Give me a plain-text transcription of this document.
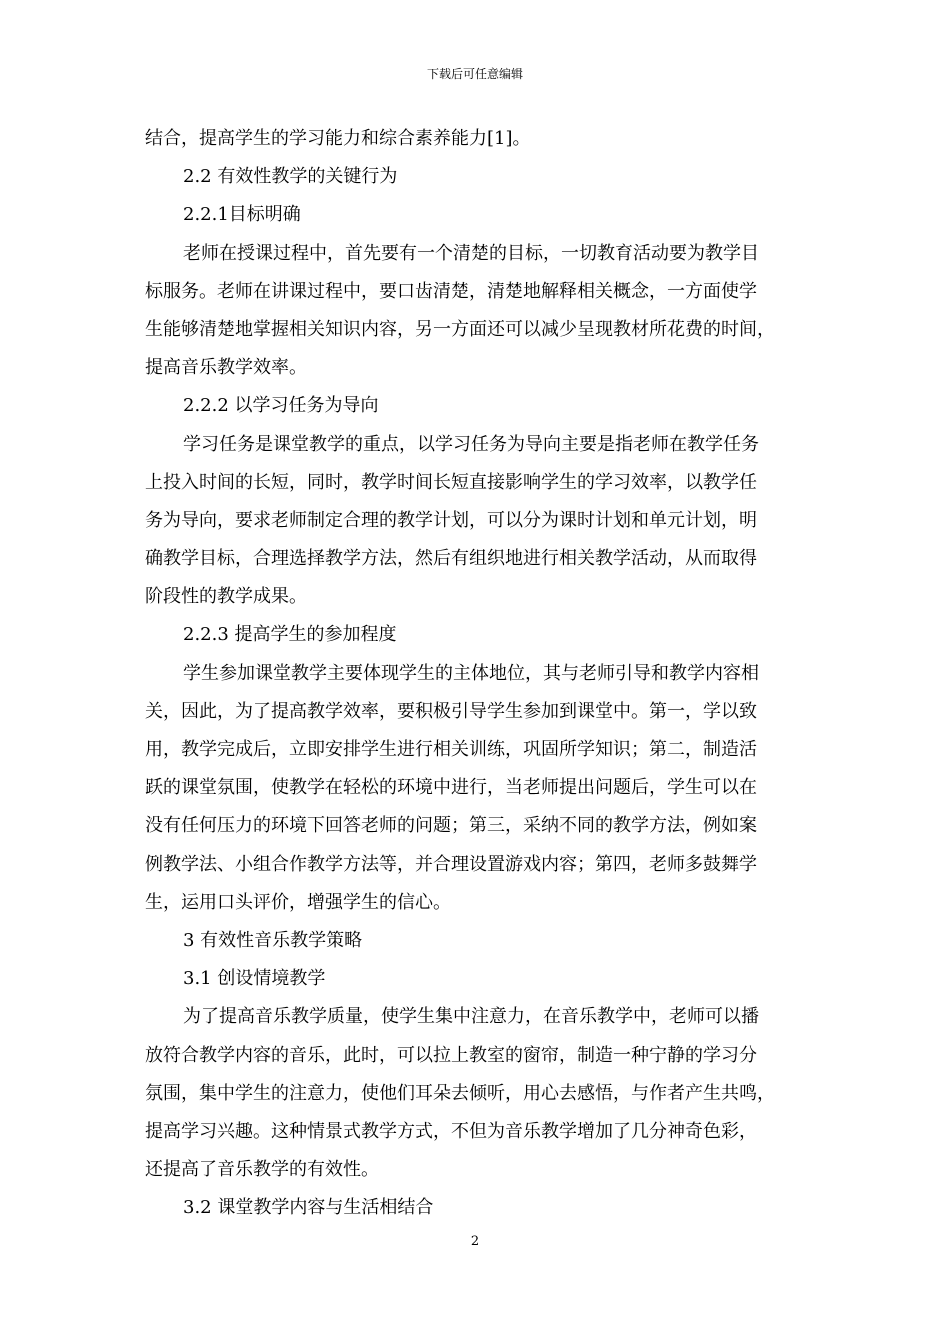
下载后可任意编辑
结合，提高学生的学习能力和综合素养能力[1]。
2.2 有效性教学的关键行为
2.2.1目标明确
老师在授课过程中，首先要有一个清楚的目标，一切教育活动要为教学目
标服务。老师在讲课过程中，要口齿清楚，清楚地解释相关概念，一方面使学
生能够清楚地掌握相关知识内容，另一方面还可以减少呈现教材所花费的时间，
提高音乐教学效率。
2.2.2 以学习任务为导向
学习任务是课堂教学的重点，以学习任务为导向主要是指老师在教学任务
上投入时间的长短，同时，教学时间长短直接影响学生的学习效率，以教学任
务为导向，要求老师制定合理的教学计划，可以分为课时计划和单元计划，明
确教学目标，合理选择教学方法，然后有组织地进行相关教学活动，从而取得
阶段性的教学成果。
2.2.3 提高学生的参加程度
学生参加课堂教学主要体现学生的主体地位，其与老师引导和教学内容相
关，因此，为了提高教学效率，要积极引导学生参加到课堂中。第一，学以致
用，教学完成后，立即安排学生进行相关训练，巩固所学知识；第二，制造活
跃的课堂氛围，使教学在轻松的环境中进行，当老师提出问题后，学生可以在
没有任何压力的环境下回答老师的问题；第三，采纳不同的教学方法，例如案
例教学法、小组合作教学方法等，并合理设置游戏内容；第四，老师多鼓舞学
生，运用口头评价，增强学生的信心。
3 有效性音乐教学策略
3.1 创设情境教学
为了提高音乐教学质量，使学生集中注意力，在音乐教学中，老师可以播
放符合教学内容的音乐，此时，可以拉上教室的窗帘，制造一种宁静的学习分
氛围，集中学生的注意力，使他们耳朵去倾听，用心去感悟，与作者产生共鸣，
提高学习兴趣。这种情景式教学方式，不但为音乐教学增加了几分神奇色彩，
还提高了音乐教学的有效性。
3.2 课堂教学内容与生活相结合
2
